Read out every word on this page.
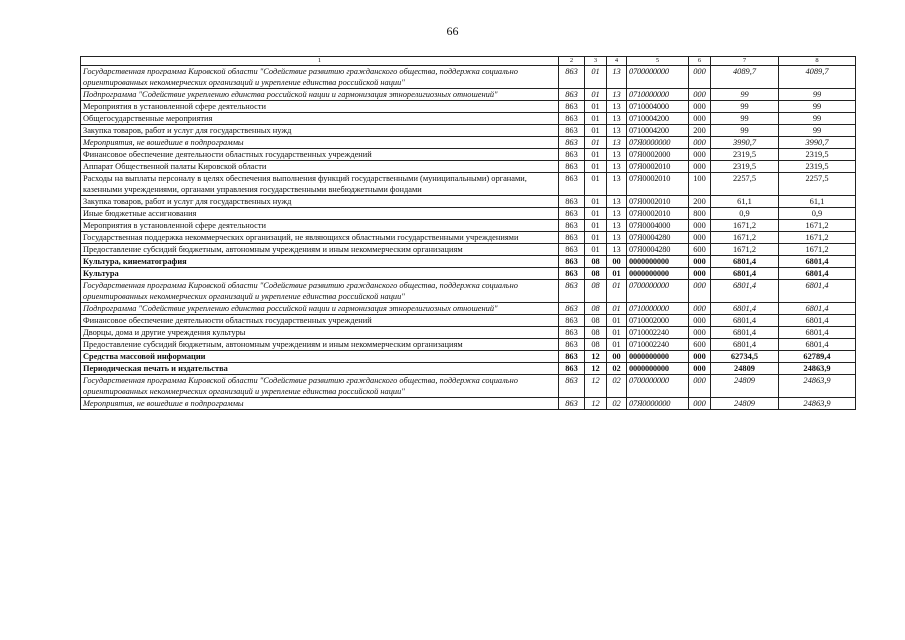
66
1	2	3	4	5	6	7	8
Государственная программа Кировской области "Содействие развитию гражданского общества, поддержка социально ориентированных некоммерческих организаций и укрепление единства российской нации"	863	01	13	0700000000	000	4089,7	4089,7
Подпрограмма "Содействие укреплению единства российской нации и гармонизация этнорелигиозных отношений"	863	01	13	0710000000	000	99	99
Мероприятия в установленной сфере деятельности	863	01	13	0710004000	000	99	99
Общегосударственные мероприятия	863	01	13	0710004200	000	99	99
Закупка товаров, работ и услуг для государственных нужд	863	01	13	0710004200	200	99	99
Мероприятия, не вошедшие в подпрограммы	863	01	13	07Я0000000	000	3990,7	3990,7
Финансовое обеспечение деятельности областных государственных учреждений	863	01	13	07Я0002000	000	2319,5	2319,5
Аппарат Общественной палаты Кировской области	863	01	13	07Я0002010	000	2319,5	2319,5
Расходы на выплаты персоналу в целях обеспечения выполнения функций государственными (муниципальными) органами, казенными учреждениями, органами управления государственными внебюджетными фондами	863	01	13	07Я0002010	100	2257,5	2257,5
Закупка товаров, работ и услуг для государственных нужд	863	01	13	07Я0002010	200	61,1	61,1
Иные бюджетные ассигнования	863	01	13	07Я0002010	800	0,9	0,9
Мероприятия в установленной сфере деятельности	863	01	13	07Я0004000	000	1671,2	1671,2
Государственная поддержка некоммерческих организаций, не являющихся областными государственными учреждениями	863	01	13	07Я0004280	000	1671,2	1671,2
Предоставление субсидий бюджетным, автономным учреждениям и иным некоммерческим организациям	863	01	13	07Я0004280	600	1671,2	1671,2
Культура, кинематография	863	08	00	0000000000	000	6801,4	6801,4
Культура	863	08	01	0000000000	000	6801,4	6801,4
Государственная программа Кировской области "Содействие развитию гражданского общества, поддержка социально ориентированных некоммерческих организаций и укрепление единства российской нации"	863	08	01	0700000000	000	6801,4	6801,4
Подпрограмма "Содействие укреплению единства российской нации и гармонизация этнорелигиозных отношений"	863	08	01	0710000000	000	6801,4	6801,4
Финансовое обеспечение деятельности областных государственных учреждений	863	08	01	0710002000	000	6801,4	6801,4
Дворцы, дома и другие учреждения культуры	863	08	01	0710002240	000	6801,4	6801,4
Предоставление субсидий бюджетным, автономным учреждениям и иным некоммерческим организациям	863	08	01	0710002240	600	6801,4	6801,4
Средства массовой информации	863	12	00	0000000000	000	62734,5	62789,4
Периодическая печать и издательства	863	12	02	0000000000	000	24809	24863,9
Государственная программа Кировской области "Содействие развитию гражданского общества, поддержка социально ориентированных некоммерческих организаций и укрепление единства российской нации"	863	12	02	0700000000	000	24809	24863,9
Мероприятия, не вошедшие в подпрограммы	863	12	02	07Я0000000	000	24809	24863,9
